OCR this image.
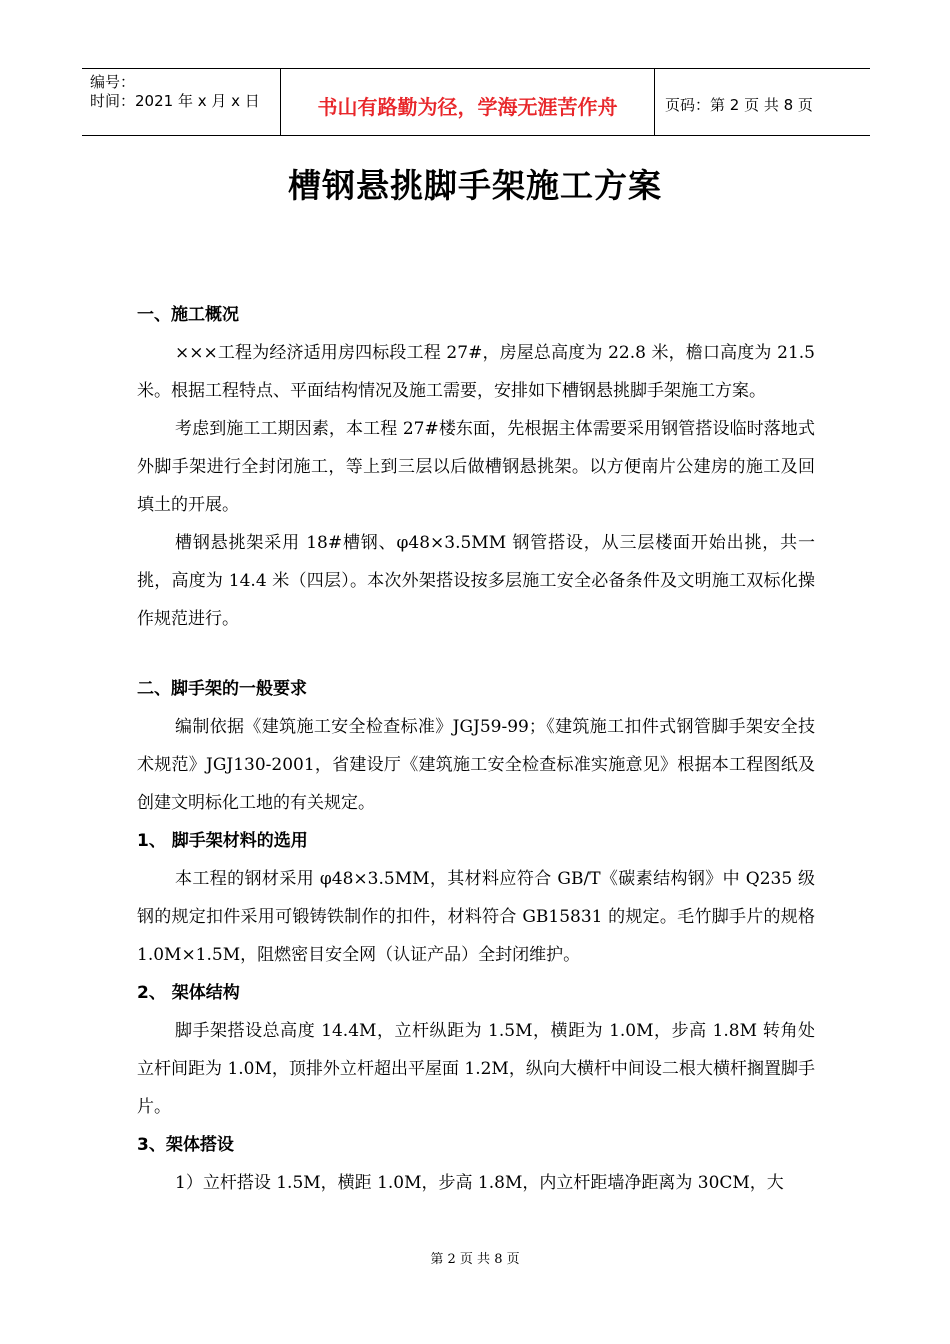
编号：
时间：2021 年 x 月 x 日	书山有路勤为径，学海无涯苦作舟	页码：第 2 页 共 8 页
槽钢悬挑脚手架施工方案

一、施工概况

×××工程为经济适用房四标段工程 27#，房屋总高度为 22.8 米，檐口高度为 21.5 米。根据工程特点、平面结构情况及施工需要，安排如下槽钢悬挑脚手架施工方案。

考虑到施工工期因素，本工程 27#楼东面，先根据主体需要采用钢管搭设临时落地式外脚手架进行全封闭施工，等上到三层以后做槽钢悬挑架。以方便南片公建房的施工及回填土的开展。

槽钢悬挑架采用 18#槽钢、φ48×3.5MM 钢管搭设，从三层楼面开始出挑，共一挑，高度为 14.4 米（四层）。本次外架搭设按多层施工安全必备条件及文明施工双标化操作规范进行。

二、脚手架的一般要求

编制依据《建筑施工安全检查标准》JGJ59-99；《建筑施工扣件式钢管脚手架安全技术规范》JGJ130-2001，省建设厅《建筑施工安全检查标准实施意见》根据本工程图纸及创建文明标化工地的有关规定。

1、 脚手架材料的选用

本工程的钢材采用 φ48×3.5MM，其材料应符合 GB/T《碳素结构钢》中 Q235 级钢的规定扣件采用可锻铸铁制作的扣件，材料符合 GB15831 的规定。毛竹脚手片的规格 1.0M×1.5M，阻燃密目安全网（认证产品）全封闭维护。

2、 架体结构

脚手架搭设总高度 14.4M，立杆纵距为 1.5M，横距为 1.0M，步高 1.8M 转角处立杆间距为 1.0M，顶排外立杆超出平屋面 1.2M，纵向大横杆中间设二根大横杆搁置脚手片。

3、架体搭设

1）立杆搭设 1.5M，横距 1.0M，步高 1.8M，内立杆距墙净距离为 30CM，大

第 2 页 共 8 页
